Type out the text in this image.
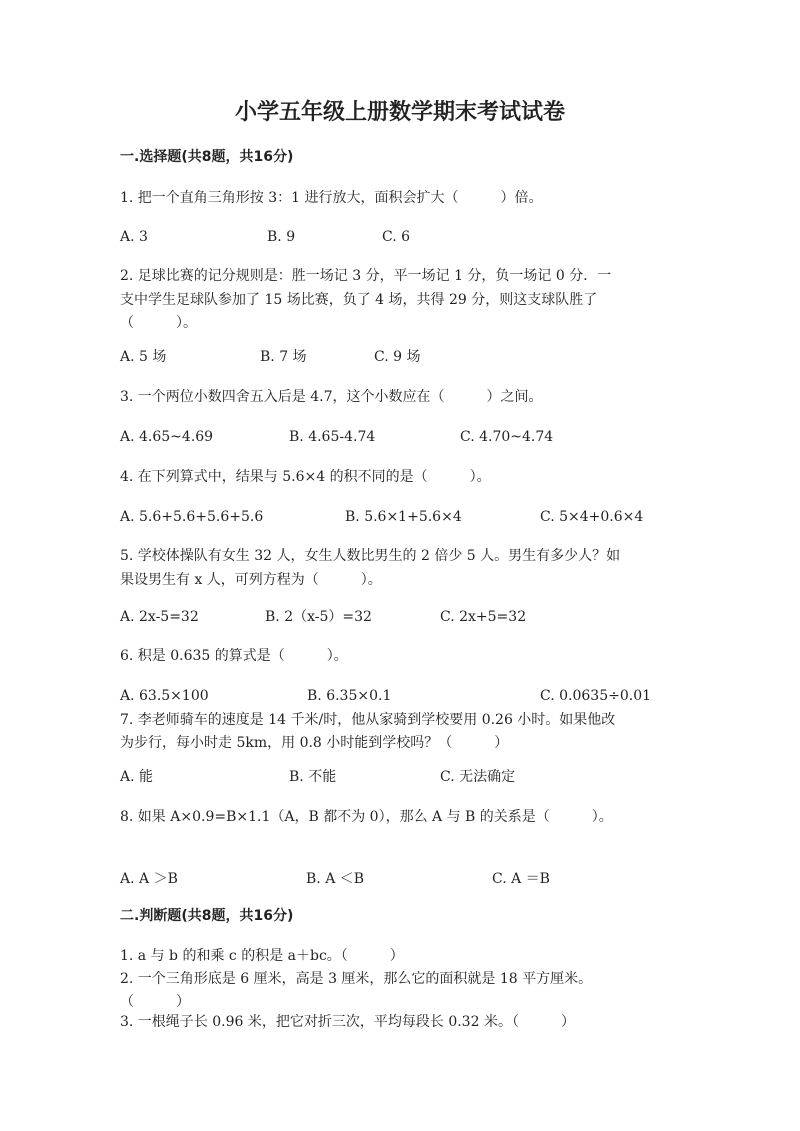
小学五年级上册数学期末考试试卷
一.选择题(共8题，共16分)
1. 把一个直角三角形按 3：1 进行放大，面积会扩大（　　　）倍。
A. 3	B. 9	C. 6
2. 足球比赛的记分规则是：胜一场记 3 分，平一场记 1 分，负一场记 0 分．一
支中学生足球队参加了 15 场比赛，负了 4 场，共得 29 分，则这支球队胜了
（　　　）。
A. 5 场	B. 7 场	C. 9 场
3. 一个两位小数四舍五入后是 4.7，这个小数应在（　　　）之间。
A. 4.65~4.69	B. 4.65-4.74	C. 4.70~4.74
4. 在下列算式中，结果与 5.6×4 的积不同的是（　　　）。
A. 5.6+5.6+5.6+5.6	B. 5.6×1+5.6×4	C. 5×4+0.6×4
5. 学校体操队有女生 32 人，女生人数比男生的 2 倍少 5 人。男生有多少人？如
果设男生有 x 人，可列方程为（　　　）。
A. 2x-5=32	B. 2（x-5）=32	C. 2x+5=32
6. 积是 0.635 的算式是（　　　）。
A. 63.5×100	B. 6.35×0.1	C. 0.0635÷0.01
7. 李老师骑车的速度是 14 千米/时，他从家骑到学校要用 0.26 小时。如果他改
为步行，每小时走 5km，用 0.8 小时能到学校吗？（　　　）
A. 能	B. 不能	C. 无法确定
8. 如果 A×0.9=B×1.1（A，B 都不为 0），那么 A 与 B 的关系是（　　　）。
A. A ＞B	B. A ＜B	C. A ＝B
二.判断题(共8题，共16分)
1. a 与 b 的和乘 c 的积是 a＋bc。（　　　）
2. 一个三角形底是 6 厘米，高是 3 厘米，那么它的面积就是 18 平方厘米。
（　　　）
3. 一根绳子长 0.96 米，把它对折三次，平均每段长 0.32 米。（　　　）
